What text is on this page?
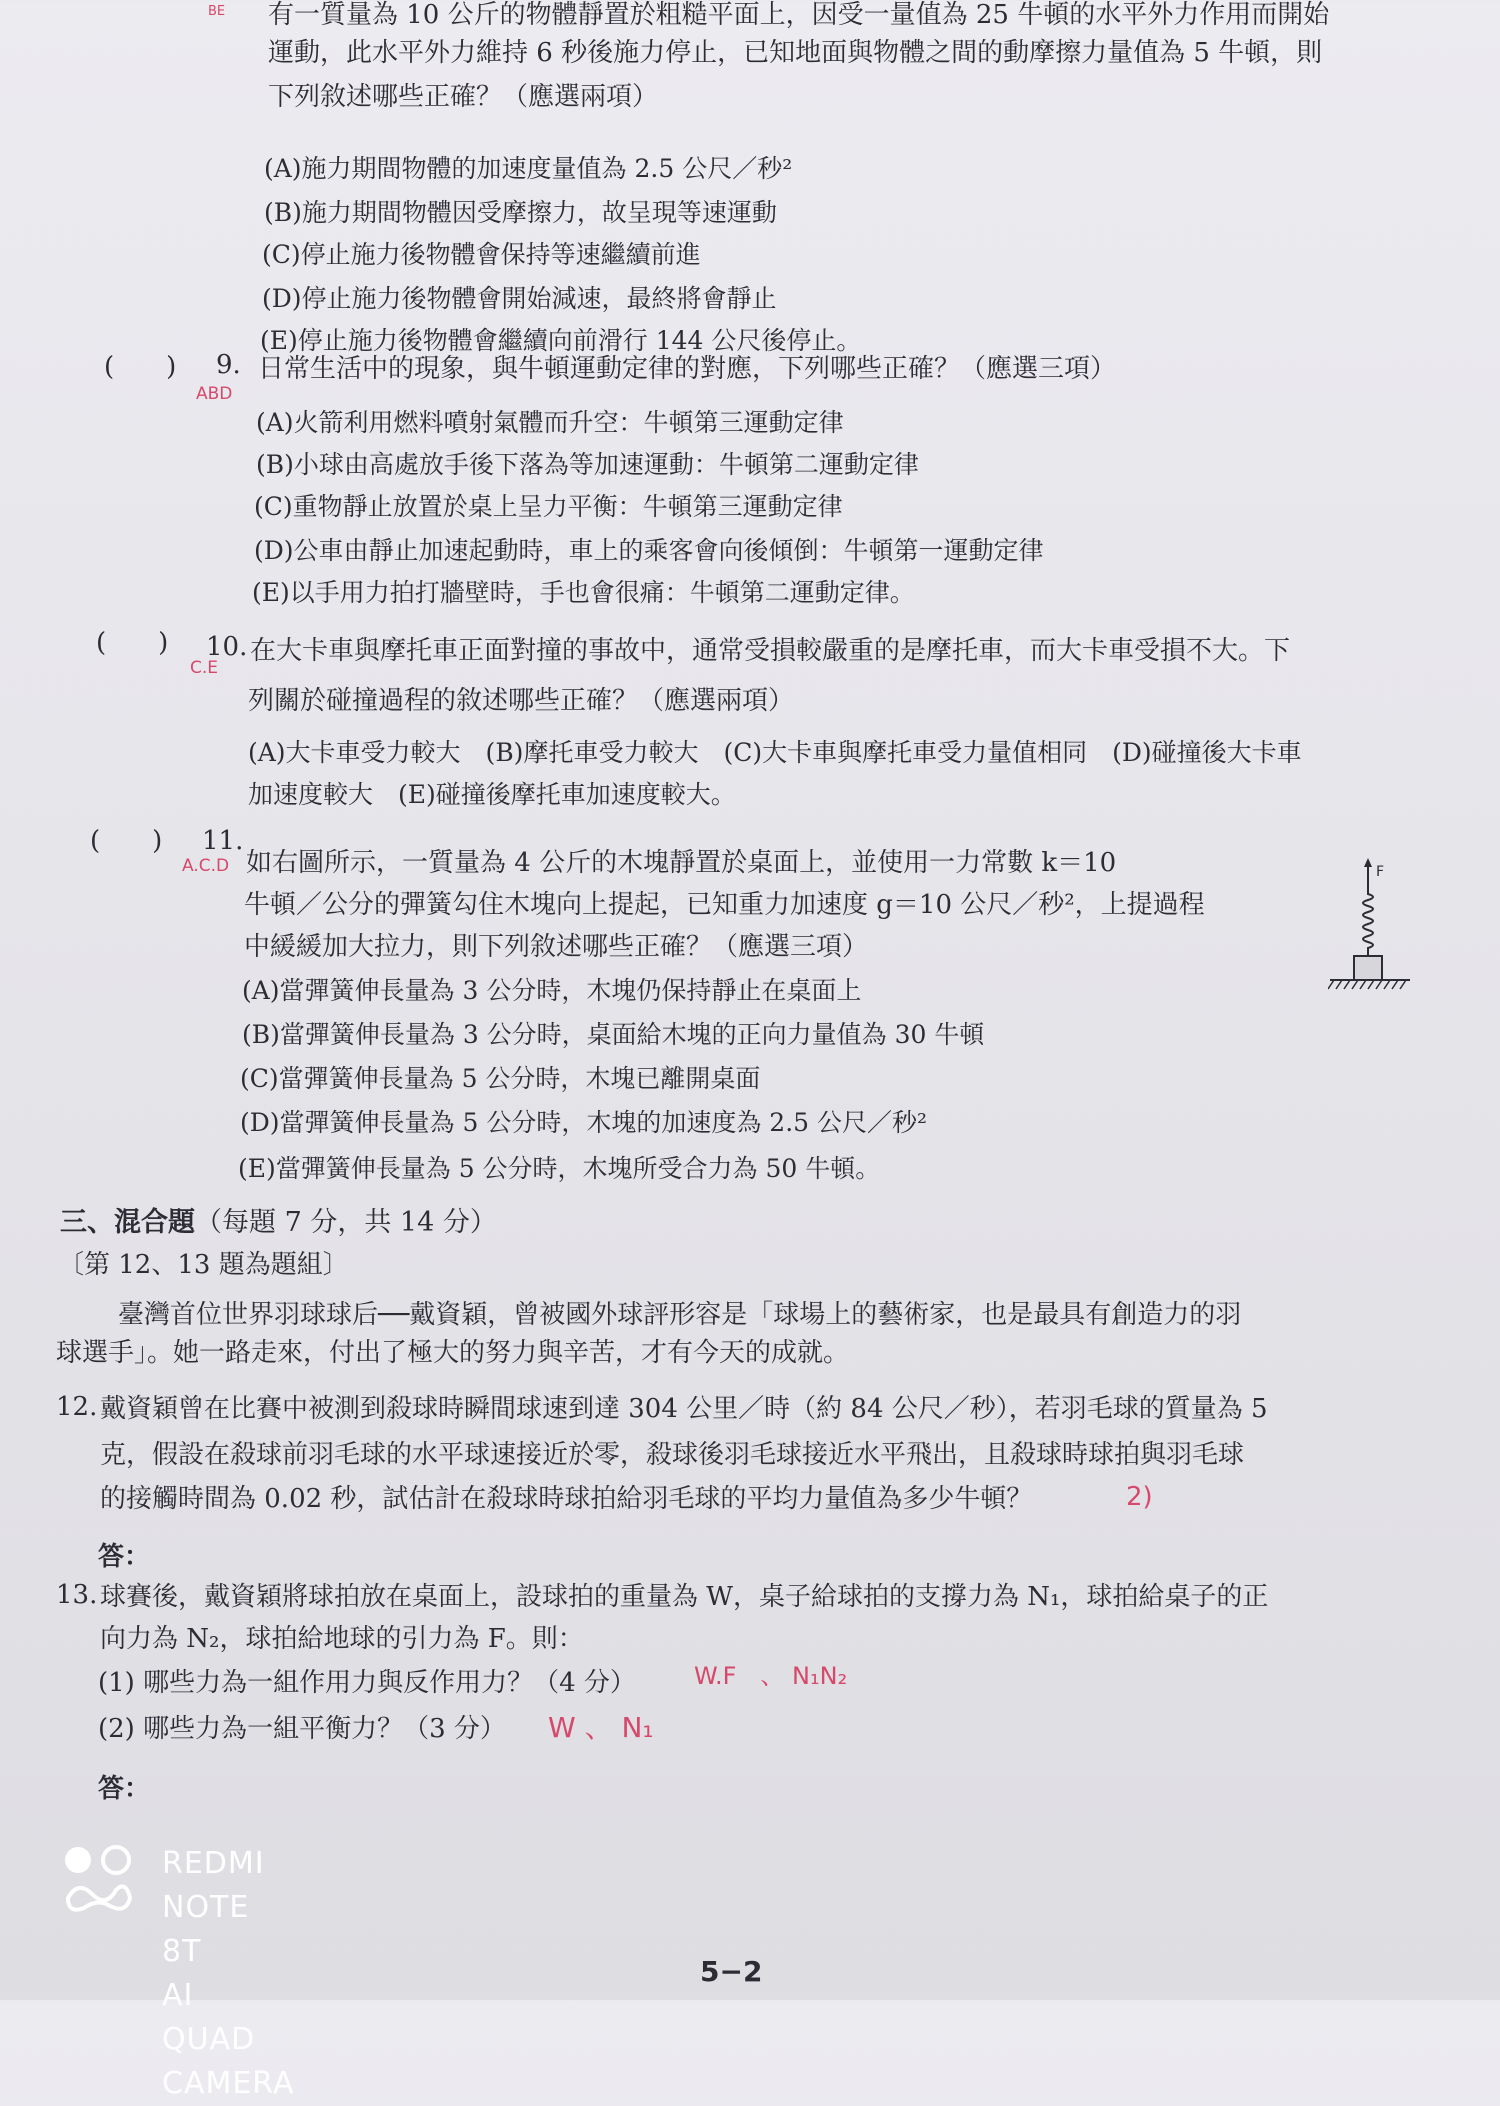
BE 有一質量為 10 公斤的物體靜置於粗糙平面上，因受一量值為 25 牛頓的水平外力作用而開始
運動，此水平外力維持 6 秒後施力停止，已知地面與物體之間的動摩擦力量值為 5 牛頓，則
下列敘述哪些正確？（應選兩項）
(A)施力期間物體的加速度量值為 2.5 公尺／秒²
(B)施力期間物體因受摩擦力，故呈現等速運動
(C)停止施力後物體會保持等速繼續前進
(D)停止施力後物體會開始減速，最終將會靜止
(E)停止施力後物體會繼續向前滑行 144 公尺後停止。
(　　) 9.
ABD
日常生活中的現象，與牛頓運動定律的對應，下列哪些正確？（應選三項）
(A)火箭利用燃料噴射氣體而升空：牛頓第三運動定律
(B)小球由高處放手後下落為等加速運動：牛頓第二運動定律
(C)重物靜止放置於桌上呈力平衡：牛頓第三運動定律
(D)公車由靜止加速起動時，車上的乘客會向後傾倒：牛頓第一運動定律
(E)以手用力拍打牆壁時，手也會很痛：牛頓第二運動定律。
(　　) 10.
C.E
在大卡車與摩托車正面對撞的事故中，通常受損較嚴重的是摩托車，而大卡車受損不大。下
列關於碰撞過程的敘述哪些正確？（應選兩項）
(A)大卡車受力較大　(B)摩托車受力較大　(C)大卡車與摩托車受力量值相同　(D)碰撞後大卡車
加速度較大　(E)碰撞後摩托車加速度較大。
(　　) 11.
A.C.D 如右圖所示，一質量為 4 公斤的木塊靜置於桌面上，並使用一力常數 k＝10
牛頓／公分的彈簧勾住木塊向上提起，已知重力加速度 g＝10 公尺／秒²，上提過程
中緩緩加大拉力，則下列敘述哪些正確？（應選三項）
(A)當彈簧伸長量為 3 公分時，木塊仍保持靜止在桌面上
(B)當彈簧伸長量為 3 公分時，桌面給木塊的正向力量值為 30 牛頓
(C)當彈簧伸長量為 5 公分時，木塊已離開桌面
(D)當彈簧伸長量為 5 公分時，木塊的加速度為 2.5 公尺／秒²
(E)當彈簧伸長量為 5 公分時，木塊所受合力為 50 牛頓。
F
三、混合題（每題 7 分，共 14 分）
〔第 12、13 題為題組〕
臺灣首位世界羽球球后──戴資穎，曾被國外球評形容是「球場上的藝術家，也是最具有創造力的羽
球選手」。她一路走來，付出了極大的努力與辛苦，才有今天的成就。
12. 戴資穎曾在比賽中被測到殺球時瞬間球速到達 304 公里／時（約 84 公尺／秒），若羽毛球的質量為 5
克，假設在殺球前羽毛球的水平球速接近於零，殺球後羽毛球接近水平飛出，且殺球時球拍與羽毛球
的接觸時間為 0.02 秒，試估計在殺球時球拍給羽毛球的平均力量值為多少牛頓？	2)
答：
13. 球賽後，戴資穎將球拍放在桌面上，設球拍的重量為 W，桌子給球拍的支撐力為 N₁，球拍給桌子的正
向力為 N₂，球拍給地球的引力為 F。則：
(1) 哪些力為一組作用力與反作用力？（4 分） W.F　、 N₁N₂
(2) 哪些力為一組平衡力？（3 分） W 、 N₁
答：
REDMI NOTE 8T
AI QUAD CAMERA
5−2
